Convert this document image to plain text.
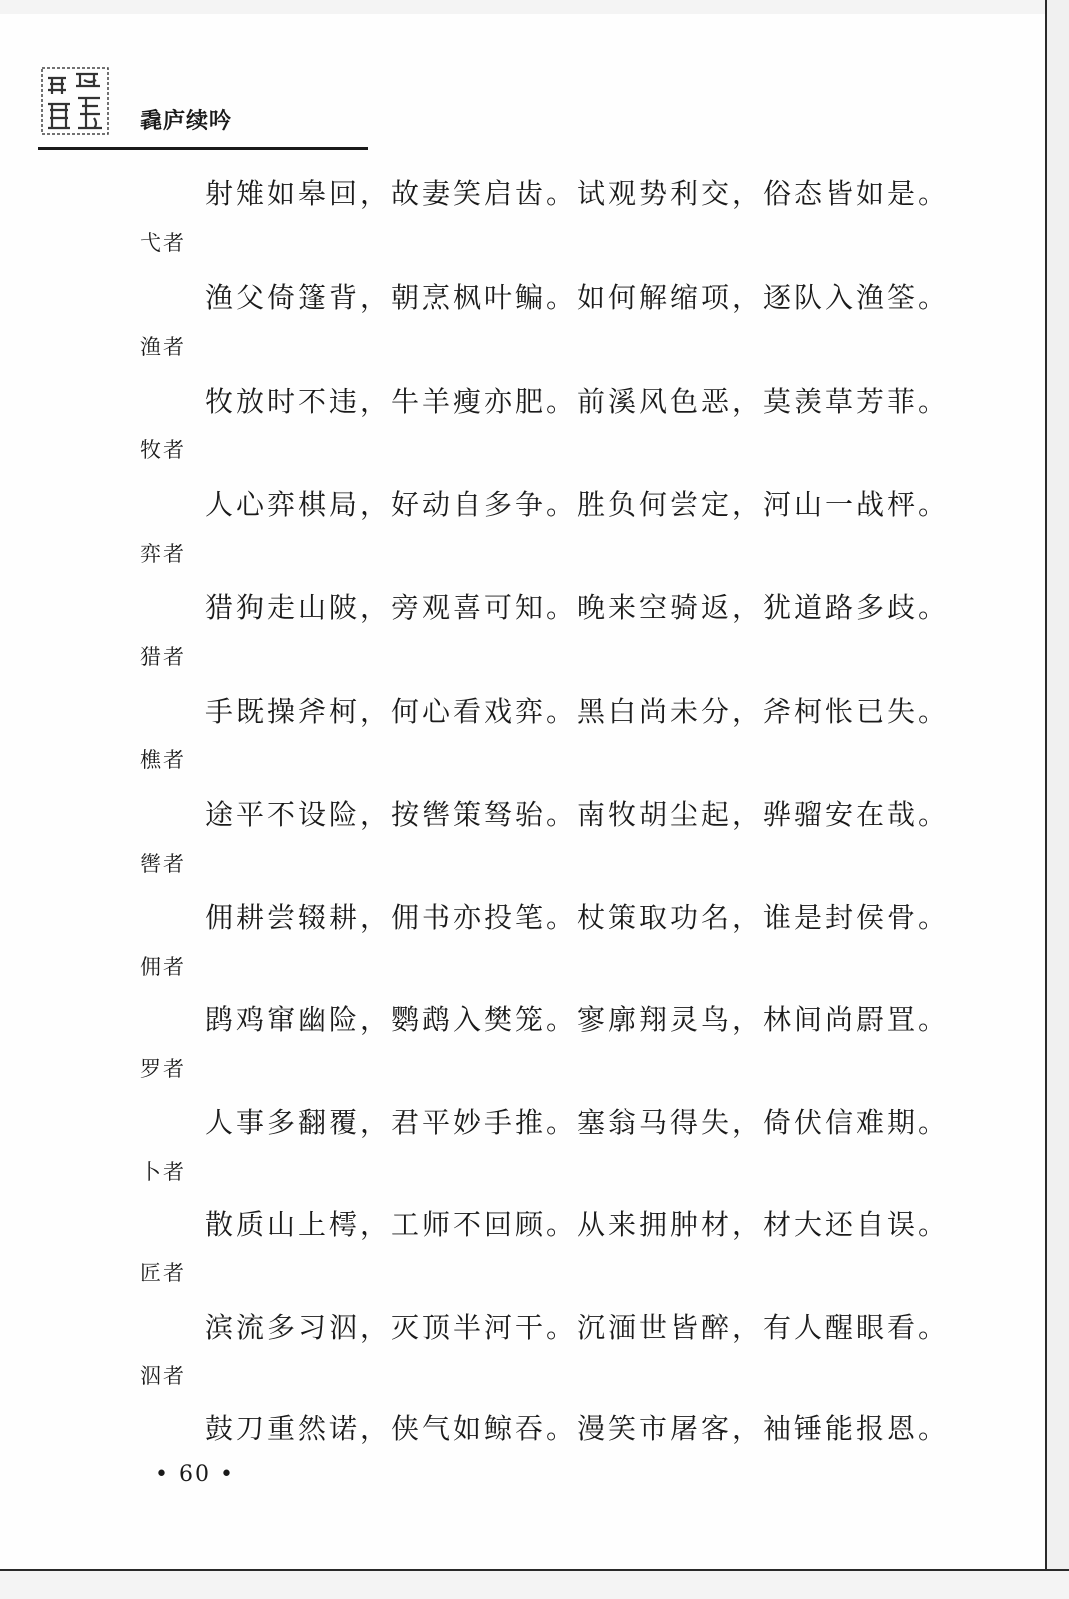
毳庐续吟
射雉如皋回，故妻笑启齿。试观势利交，俗态皆如是。
弋者
渔父倚篷背，朝烹枫叶鳊。如何解缩项，逐队入渔筌。
渔者
牧放时不违，牛羊瘦亦肥。前溪风色恶，莫羡草芳菲。
牧者
人心弈棋局，好动自多争。胜负何尝定，河山一战枰。
弈者
猎狗走山陂，旁观喜可知。晚来空骑返，犹道路多歧。
猎者
手既操斧柯，何心看戏弈。黑白尚未分，斧柯怅已失。
樵者
途平不设险，按辔策驽骀。南牧胡尘起，骅骝安在哉。
辔者
佣耕尝辍耕，佣书亦投笔。杖策取功名，谁是封侯骨。
佣者
鹍鸡窜幽险，鹦鹉入樊笼。寥廓翔灵鸟，林间尚罻罝。
罗者
人事多翻覆，君平妙手推。塞翁马得失，倚伏信难期。
卜者
散质山上樗，工师不回顾。从来拥肿材，材大还自误。
匠者
滨流多习泅，灭顶半河干。沉湎世皆醉，有人醒眼看。
泅者
鼓刀重然诺，侠气如鲸吞。漫笑市屠客，袖锤能报恩。
• 60 •
